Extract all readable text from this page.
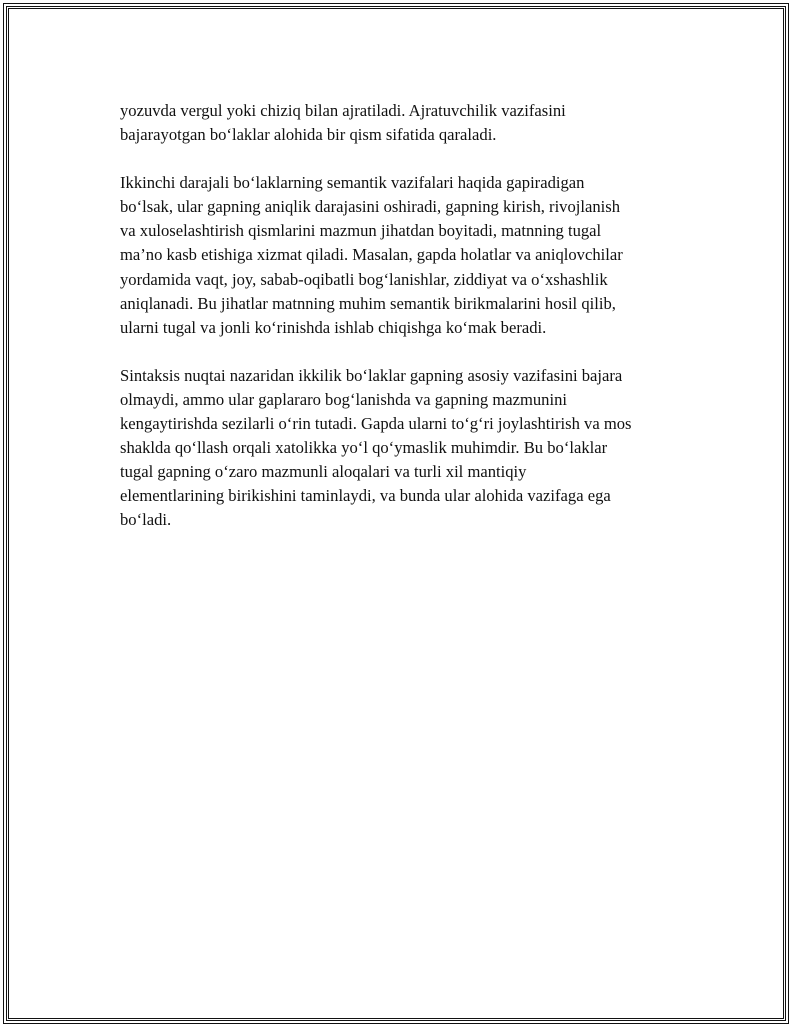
yozuvda vergul yoki chiziq bilan ajratiladi. Ajratuvchilik vazifasini
bajarayotgan bo‘laklar alohida bir qism sifatida qaraladi.

Ikkinchi darajali bo‘laklarning semantik vazifalari haqida gapiradigan
bo‘lsak, ular gapning aniqlik darajasini oshiradi, gapning kirish, rivojlanish
va xuloselashtirish qismlarini mazmun jihatdan boyitadi, matnning tugal
ma’no kasb etishiga xizmat qiladi. Masalan, gapda holatlar va aniqlovchilar
yordamida vaqt, joy, sabab-oqibatli bog‘lanishlar, ziddiyat va o‘xshashlik
aniqlanadi. Bu jihatlar matnning muhim semantik birikmalarini hosil qilib,
ularni tugal va jonli ko‘rinishda ishlab chiqishga ko‘mak beradi.

Sintaksis nuqtai nazaridan ikkilik bo‘laklar gapning asosiy vazifasini bajara
olmaydi, ammo ular gaplararo bog‘lanishda va gapning mazmunini
kengaytirishda sezilarli o‘rin tutadi. Gapda ularni to‘g‘ri joylashtirish va mos
shaklda qo‘llash orqali xatolikka yo‘l qo‘ymaslik muhimdir. Bu bo‘laklar
tugal gapning o‘zaro mazmunli aloqalari va turli xil mantiqiy
elementlarining birikishini taminlaydi, va bunda ular alohida vazifaga ega
bo‘ladi.
